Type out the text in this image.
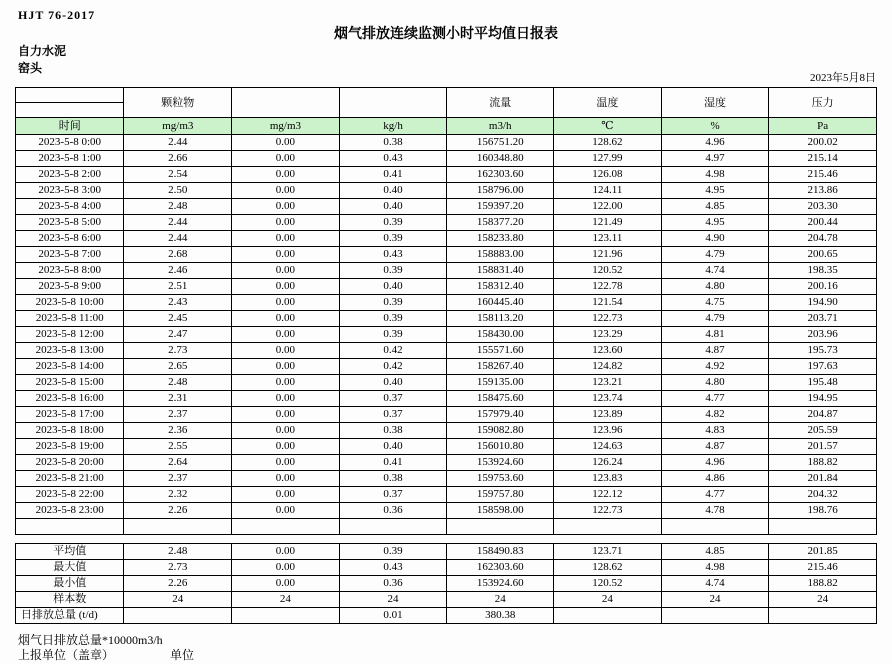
HJT 76-2017
烟气排放连续监测小时平均值日报表
自力水泥
窑头
2023年5月8日
	颗粒物			流量	温度	湿度	压力

时间	mg/m3	mg/m3	kg/h	m3/h	℃	%	Pa
2023-5-8 0:00	2.44	0.00	0.38	156751.20	128.62	4.96	200.02
2023-5-8 1:00	2.66	0.00	0.43	160348.80	127.99	4.97	215.14
2023-5-8 2:00	2.54	0.00	0.41	162303.60	126.08	4.98	215.46
2023-5-8 3:00	2.50	0.00	0.40	158796.00	124.11	4.95	213.86
2023-5-8 4:00	2.48	0.00	0.40	159397.20	122.00	4.85	203.30
2023-5-8 5:00	2.44	0.00	0.39	158377.20	121.49	4.95	200.44
2023-5-8 6:00	2.44	0.00	0.39	158233.80	123.11	4.90	204.78
2023-5-8 7:00	2.68	0.00	0.43	158883.00	121.96	4.79	200.65
2023-5-8 8:00	2.46	0.00	0.39	158831.40	120.52	4.74	198.35
2023-5-8 9:00	2.51	0.00	0.40	158312.40	122.78	4.80	200.16
2023-5-8 10:00	2.43	0.00	0.39	160445.40	121.54	4.75	194.90
2023-5-8 11:00	2.45	0.00	0.39	158113.20	122.73	4.79	203.71
2023-5-8 12:00	2.47	0.00	0.39	158430.00	123.29	4.81	203.96
2023-5-8 13:00	2.73	0.00	0.42	155571.60	123.60	4.87	195.73
2023-5-8 14:00	2.65	0.00	0.42	158267.40	124.82	4.92	197.63
2023-5-8 15:00	2.48	0.00	0.40	159135.00	123.21	4.80	195.48
2023-5-8 16:00	2.31	0.00	0.37	158475.60	123.74	4.77	194.95
2023-5-8 17:00	2.37	0.00	0.37	157979.40	123.89	4.82	204.87
2023-5-8 18:00	2.36	0.00	0.38	159082.80	123.96	4.83	205.59
2023-5-8 19:00	2.55	0.00	0.40	156010.80	124.63	4.87	201.57
2023-5-8 20:00	2.64	0.00	0.41	153924.60	126.24	4.96	188.82
2023-5-8 21:00	2.37	0.00	0.38	159753.60	123.83	4.86	201.84
2023-5-8 22:00	2.32	0.00	0.37	159757.80	122.12	4.77	204.32
2023-5-8 23:00	2.26	0.00	0.36	158598.00	122.73	4.78	198.76

平均值	2.48	0.00	0.39	158490.83	123.71	4.85	201.85
最大值	2.73	0.00	0.43	162303.60	128.62	4.98	215.46
最小值	2.26	0.00	0.36	153924.60	120.52	4.74	188.82
样本数	24	24	24	24	24	24	24
日排放总量 (t/d)			0.01	380.38			
烟气日排放总量*10000m3/h
上报单位（盖章）	单位
